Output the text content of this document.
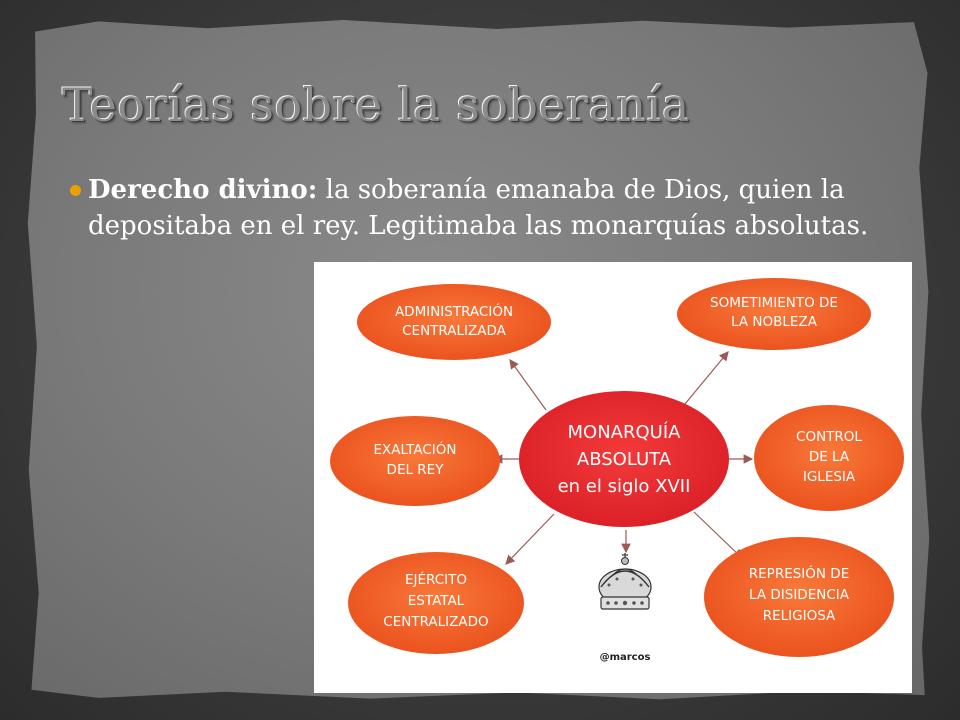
Teorías sobre la soberanía
Derecho divino: la soberanía emanaba de Dios, quien la depositaba en el rey. Legitimaba las monarquías absolutas.
ADMINISTRACIÓN
CENTRALIZADA
SOMETIMIENTO DE
LA NOBLEZA
EXALTACIÓN
DEL REY
CONTROL
DE LA
IGLESIA
EJÉRCITO
ESTATAL
CENTRALIZADO
REPRESIÓN DE
LA DISIDENCIA
RELIGIOSA
MONARQUÍA
ABSOLUTA
en el siglo XVII
@marcos
